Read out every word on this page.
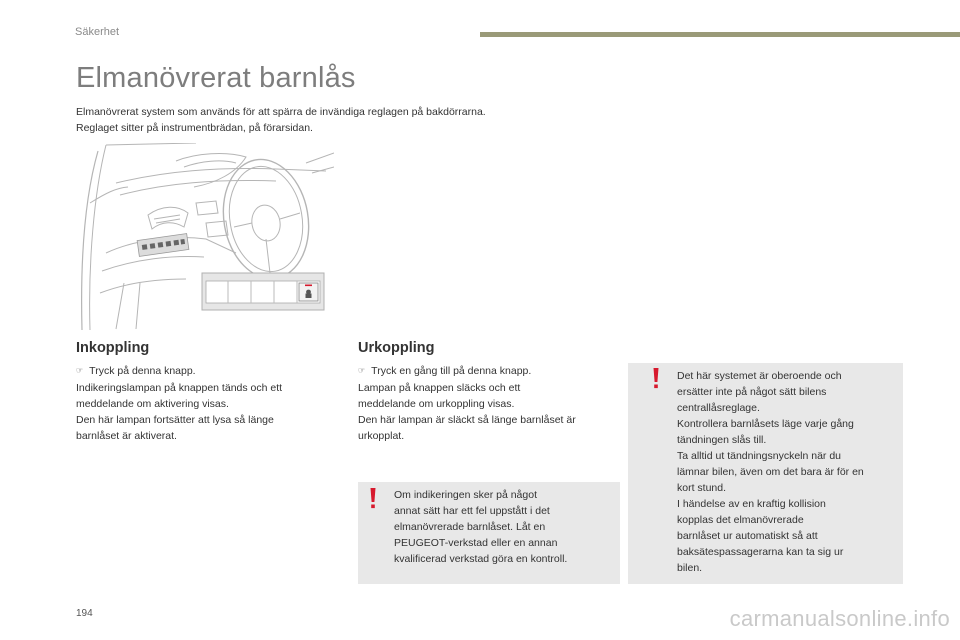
Säkerhet
Elmanövrerat barnlås

Elmanövrerat system som används för att spärra de invändiga reglagen på bakdörrarna.

Reglaget sitter på instrumentbrädan, på förarsidan.

Inkoppling

☞ Tryck på denna knapp.

Indikeringslampan på knappen tänds och ett

meddelande om aktivering visas.

Den här lampan fortsätter att lysa så länge

barnlåset är aktiverat.

Urkoppling

☞ Tryck en gång till på denna knapp.

Lampan på knappen släcks och ett

meddelande om urkoppling visas.

Den här lampan är släckt så länge barnlåset är

urkopplat.

Om indikeringen sker på något

annat sätt har ett fel uppstått i det

elmanövrerade barnlåset. Låt en

PEUGEOT-verkstad eller en annan

kvalificerad verkstad göra en kontroll.

Det här systemet är oberoende och

ersätter inte på något sätt bilens

centrallåsreglage.

Kontrollera barnlåsets läge varje gång

tändningen slås till.

Ta alltid ut tändningsnyckeln när du

lämnar bilen, även om det bara är för en

kort stund.

I händelse av en kraftig kollision

kopplas det elmanövrerade

barnlåset ur automatiskt så att

baksätespassagerarna kan ta sig ur

bilen.

194	carmanualsonline.info
